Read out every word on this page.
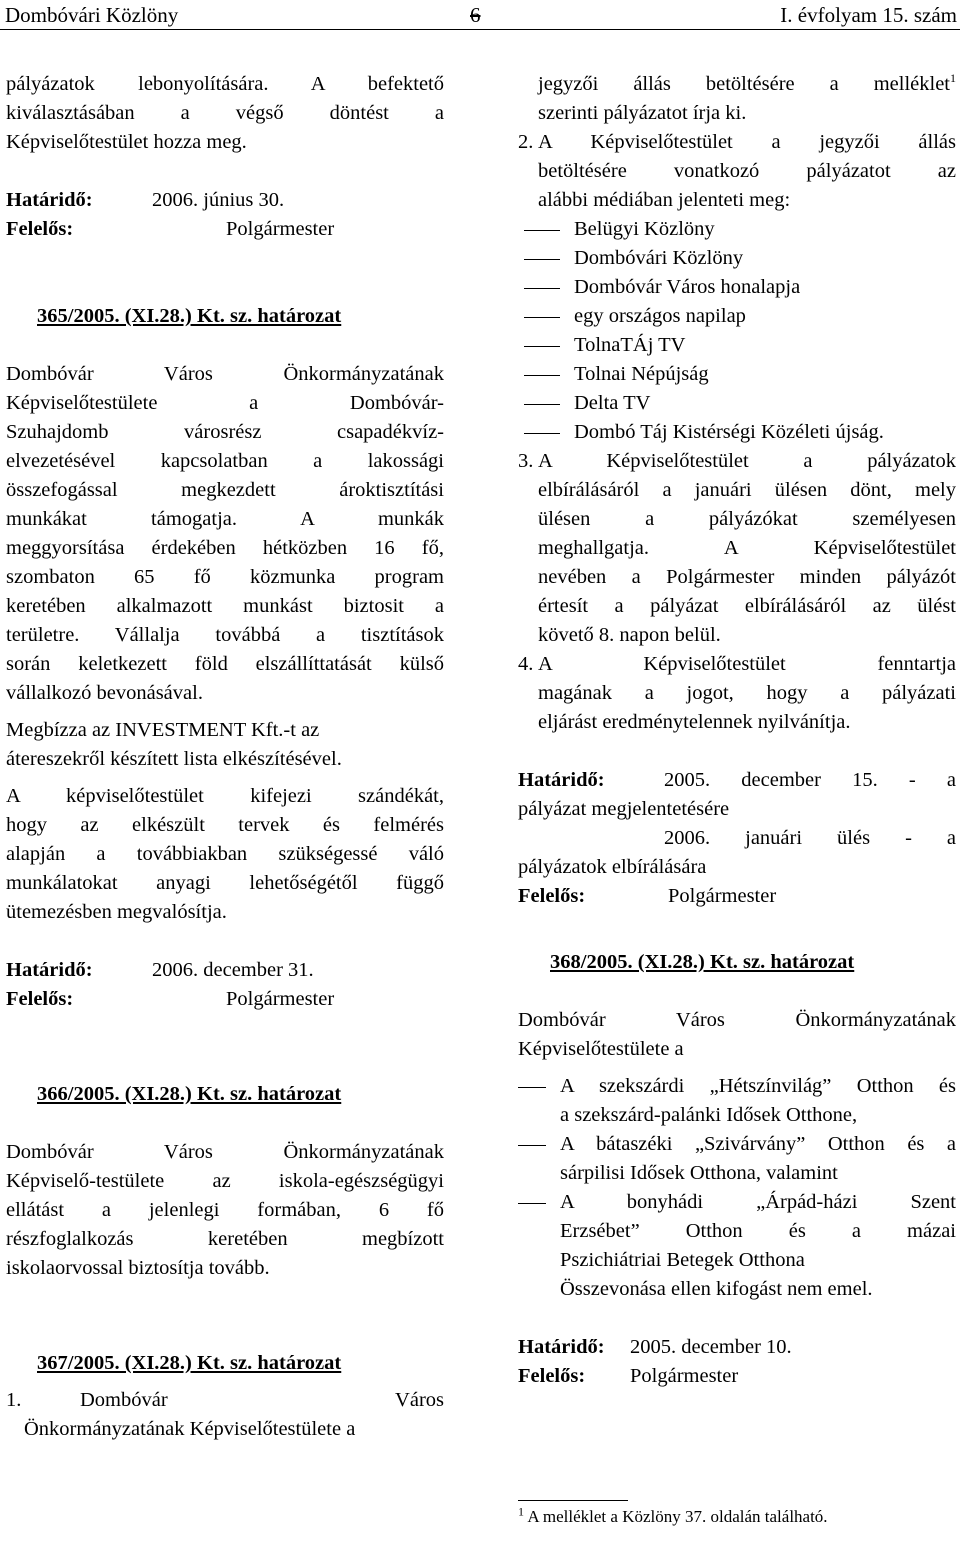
Dombóvári Közlöny	6	I. évfolyam 15. szám

pályázatok lebonyolítására. A befektető

kiválasztásában a végső döntést a

Képviselőtestület hozza meg.

Határidő:	2006. június 30.
Felelős:	Polgármester

365/2005. (XI.28.) Kt. sz. határozat

Dombóvár Város Önkormányzatának

Képviselőtestülete a Dombóvár-

Szuhajdomb városrész csapadékvíz-

elvezetésével kapcsolatban a lakossági

összefogással megkezdett ároktisztítási

munkákat támogatja. A munkák

meggyorsítása érdekében hétközben 16 fő,

szombaton 65 fő közmunka program

keretében alkalmazott munkást biztosit a

területre. Vállalja továbbá a tisztítások

során keletkezett föld elszállíttatását külső

vállalkozó bevonásával.

Megbízza az INVESTMENT Kft.-t az

átereszekről készített lista elkészítésével.

A képviselőtestület kifejezi szándékát,

hogy az elkészült tervek és felmérés

alapján a továbbiakban szükségessé váló

munkálatokat anyagi lehetőségétől függő

ütemezésben megvalósítja.

Határidő:	2006. december 31.
Felelős:	Polgármester

366/2005. (XI.28.) Kt. sz. határozat

Dombóvár Város Önkormányzatának

Képviselő-testülete az iskola-egészségügyi

ellátást a jelenlegi formában, 6 fő

részfoglalkozás keretében megbízott

iskolaorvossal biztosítja tovább.

367/2005. (XI.28.) Kt. sz. határozat

1.	Dombóvár Város

Önkormányzatának Képviselőtestülete a

jegyzői állás betöltésére a melléklet$^1$

szerinti pályázatot írja ki.

2. A Képviselőtestület a jegyzői állás

betöltésére vonatkozó pályázatot az

alábbi médiában jelenteti meg:

Belügyi Közlöny
Dombóvári Közlöny
Dombóvár Város honalapja
egy országos napilap
TolnaTÁj TV
Tolnai Népújság
Delta TV
Dombó Táj Kistérségi Közéleti újság.
3. A Képviselőtestület a pályázatok

elbírálásáról a januári ülésen dönt, mely

ülésen a pályázókat személyesen

meghallgatja. A Képviselőtestület

nevében a Polgármester minden pályázót

értesít a pályázat elbírálásáról az ülést

követő 8. napon belül.

4. A Képviselőtestület fenntartja

magának a jogot, hogy a pályázati

eljárást eredménytelennek nyilvánítja.

Határidő:	2005. december 15. - a

pályázat megjelentetésére

2006. januári ülés - a

pályázatok elbírálására

Felelős:	Polgármester

368/2005. (XI.28.) Kt. sz. határozat

Dombóvár Város Önkormányzatának

Képviselőtestülete a

A szekszárdi „Hétszínvilág” Otthon és

a szekszárd-palánki Idősek Otthone,

A bátaszéki „Szivárvány” Otthon és a

sárpilisi Idősek Otthona, valamint

A bonyhádi „Árpád-házi Szent

Erzsébet” Otthon és a mázai

Pszichiátriai Betegek Otthona

Összevonása ellen kifogást nem emel.

Határidő:	2005. december 10.
Felelős:	Polgármester
$^1$ A melléklet a Közlöny 37. oldalán található.
